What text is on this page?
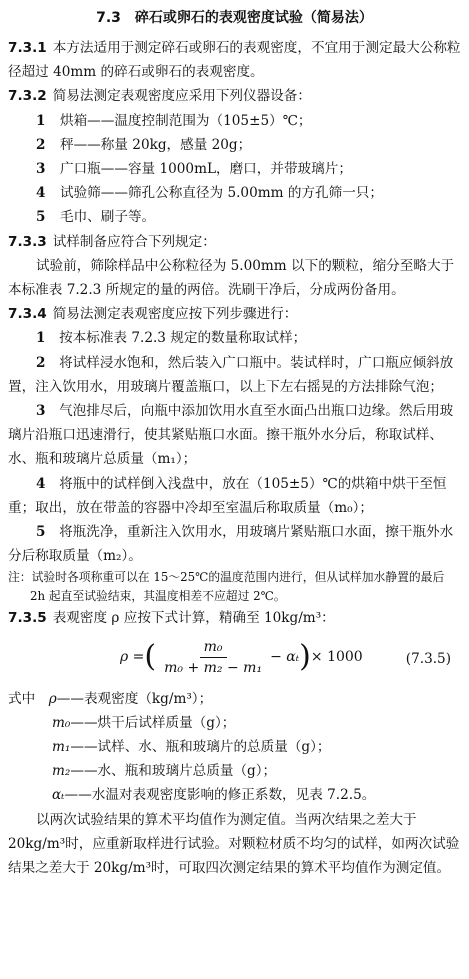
7.3　碎石或卵石的表观密度试验（简易法）

7.3.1 本方法适用于测定碎石或卵石的表观密度，不宜用于测定最大公称粒径超过 40mm 的碎石或卵石的表观密度。

7.3.2 简易法测定表观密度应采用下列仪器设备：

1 烘箱——温度控制范围为（105±5）℃；

2 秤——称量 20kg，感量 20g；

3 广口瓶——容量 1000mL，磨口，并带玻璃片；

4 试验筛——筛孔公称直径为 5.00mm 的方孔筛一只；

5 毛巾、刷子等。

7.3.3 试样制备应符合下列规定：

试验前，筛除样品中公称粒径为 5.00mm 以下的颗粒，缩分至略大于本标准表 7.2.3 所规定的量的两倍。洗刷干净后，分成两份备用。

7.3.4 简易法测定表观密度应按下列步骤进行：

1　 按本标准表 7.2.3 规定的数量称取试样；

2　 将试样浸水饱和，然后装入广口瓶中。装试样时，广口瓶应倾斜放置，注入饮用水，用玻璃片覆盖瓶口，以上下左右摇晃的方法排除气泡；

3　 气泡排尽后，向瓶中添加饮用水直至水面凸出瓶口边缘。然后用玻璃片沿瓶口迅速滑行，使其紧贴瓶口水面。擦干瓶外水分后，称取试样、水、瓶和玻璃片总质量（m₁）；

4　 将瓶中的试样倒入浅盘中，放在（105±5）℃的烘箱中烘干至恒重；取出，放在带盖的容器中冷却至室温后称取质量（m₀）；

5　 将瓶洗净，重新注入饮用水，用玻璃片紧贴瓶口水面，擦干瓶外水分后称取质量（m₂）。

注：试验时各项称重可以在 15～25℃的温度范围内进行，但从试样加水静置的最后 2h 起直至试验结束，其温度相差不应超过 2℃。

7.3.5 表观密度 ρ 应按下式计算，精确至 10kg/m³：

ρ = ( $\frac{\text{m₀}}{\text{m₀ + m₂ − m₁}} - \alpha_t$ ) × 1000	(7.3.5)

式中　 ρ——表观密度（kg/m³）；

m₀——烘干后试样质量（g）；

m₁——试样、水、瓶和玻璃片的总质量（g）；

m₂——水、瓶和玻璃片总质量（g）；

αₜ——水温对表观密度影响的修正系数，见表 7.2.5。

以两次试验结果的算术平均值作为测定值。当两次结果之差大于 20kg/m³时，应重新取样进行试验。对颗粒材质不均匀的试样，如两次试验结果之差大于 20kg/m³时，可取四次测定结果的算术平均值作为测定值。
